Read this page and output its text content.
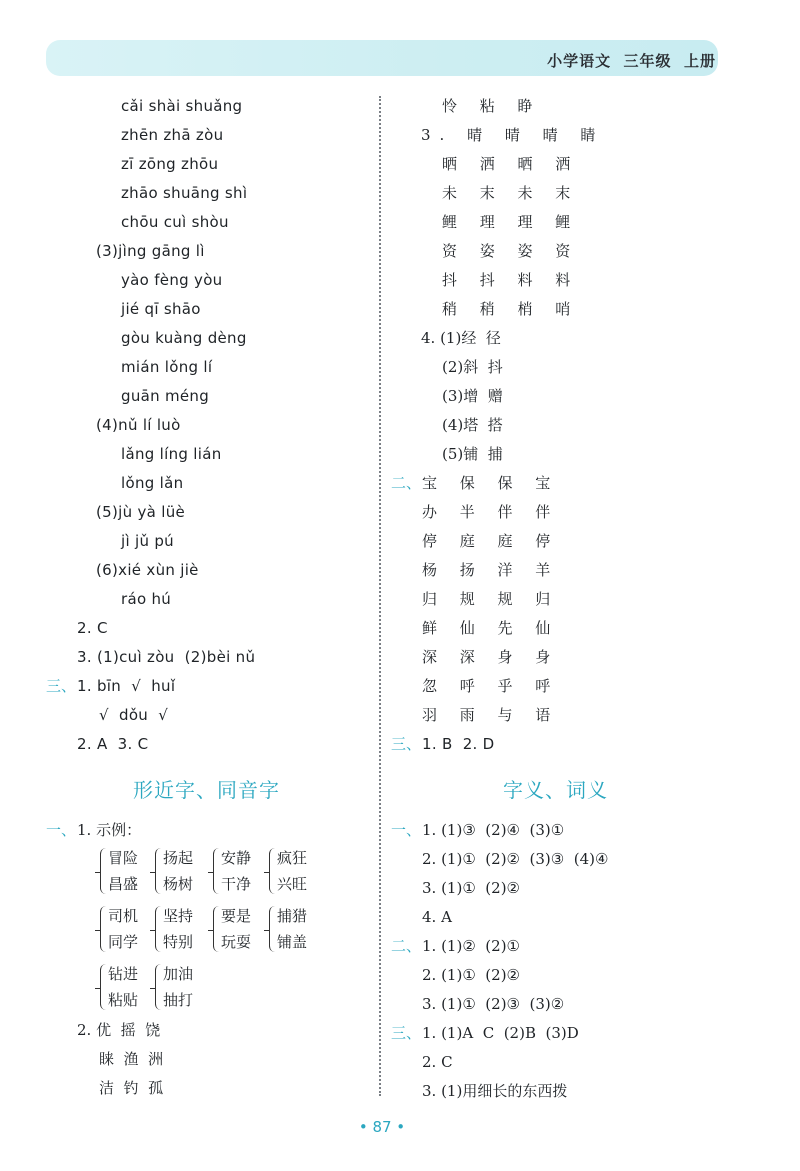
小学语文  三年级  上册
cǎi shài shuǎng
zhēn zhā zòu
zī zōng zhōu
zhāo shuāng shì
chōu cuì shòu
(3)jìng gāng lì
yào fèng yòu
jié qī shāo
gòu kuàng dèng
mián lǒng lí
guān méng
(4)nǔ lí luò
lǎng líng lián
lǒng lǎn
(5)jù yà lüè
jì jǔ pú
(6)xié xùn jiè
ráo hú
2. C
3. (1)cuì zòu  (2)bèi nǔ
三、 1. bīn  √  huǐ
√  dǒu  √
2. A  3. C
怜 粘 睁
3. 晴 晴 晴 睛
晒 洒 晒 洒
未 末 未 末
鲤 理 理 鲤
资 姿 姿 资
抖 抖 料 料
稍 稍 梢 哨
4. (1)经  径
(2)斜  抖
(3)增  赠
(4)塔  搭
(5)铺  捕
二、 宝 保 保 宝
办 半 伴 伴
停 庭 庭 停
杨 扬 洋 羊
归 规 规 归
鲜 仙 先 仙
深 深 身 身
忽 呼 乎 呼
羽 雨 与 语
三、 1. B  2. D
形近字、同音字	字义、词义
一、 1. 示例：
冒险
昌盛
扬起
杨树
安静
干净
疯狂
兴旺
司机
同学
坚持
特别
要是
玩耍
捕猎
铺盖
钻进
粘贴
加油
抽打
2. 优  摇  饶
睐  渔  洲
洁  钓  孤
一、 1. (1)③  (2)④  (3)①
2. (1)①  (2)②  (3)③  (4)④
3. (1)①  (2)②
4. A
二、 1. (1)②  (2)①
2. (1)①  (2)②
3. (1)①  (2)③  (3)②
三、 1. (1)A  C  (2)B  (3)D
2. C
3. (1)用细长的东西拨
• 87 •
